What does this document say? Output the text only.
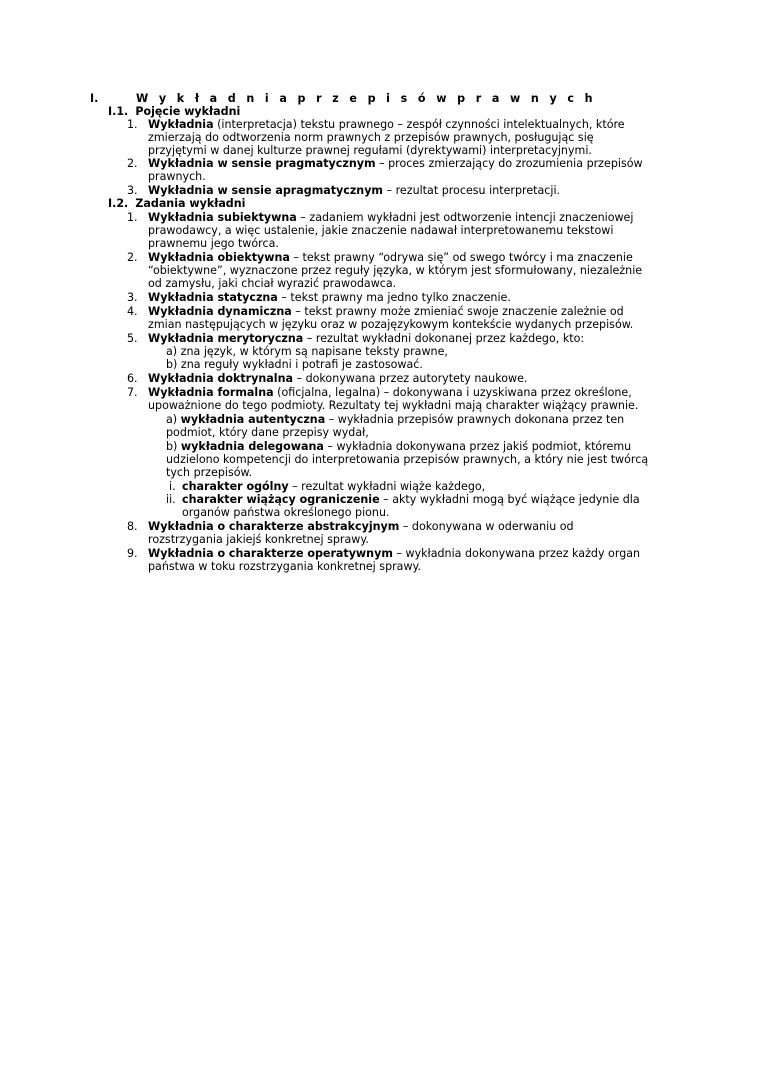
I.	W y k ł a d n i a p r z e p i s ó w p r a w n y c h
I.1. Pojęcie wykładni
1. Wykładnia (interpretacja) tekstu prawnego – zespół czynności intelektualnych, które
zmierzają do odtworzenia norm prawnych z przepisów prawnych, posługując się
przyjętymi w danej kulturze prawnej regułami (dyrektywami) interpretacyjnymi.
2. Wykładnia w sensie pragmatycznym – proces zmierzający do zrozumienia przepisów
prawnych.
3. Wykładnia w sensie apragmatycznym – rezultat procesu interpretacji.
I.2. Zadania wykładni
1. Wykładnia subiektywna – zadaniem wykładni jest odtworzenie intencji znaczeniowej
prawodawcy, a więc ustalenie, jakie znaczenie nadawał interpretowanemu tekstowi
prawnemu jego twórca.
2. Wykładnia obiektywna – tekst prawny “odrywa się” od swego twórcy i ma znaczenie
“obiektywne”, wyznaczone przez reguły języka, w którym jest sformułowany, niezależnie
od zamysłu, jaki chciał wyrazić prawodawca.
3. Wykładnia statyczna – tekst prawny ma jedno tylko znaczenie.
4. Wykładnia dynamiczna – tekst prawny może zmieniać swoje znaczenie zależnie od
zmian następujących w języku oraz w pozajęzykowym kontekście wydanych przepisów.
5. Wykładnia merytoryczna – rezultat wykładni dokonanej przez każdego, kto:
a) zna język, w którym są napisane teksty prawne,
b) zna reguły wykładni i potrafi je zastosować.
6. Wykładnia doktrynalna – dokonywana przez autorytety naukowe.
7. Wykładnia formalna (oficjalna, legalna) – dokonywana i uzyskiwana przez określone,
upoważnione do tego podmioty. Rezultaty tej wykładni mają charakter wiążący prawnie.
a) wykładnia autentyczna – wykładnia przepisów prawnych dokonana przez ten
podmiot, który dane przepisy wydał,
b) wykładnia delegowana – wykładnia dokonywana przez jakiś podmiot, któremu
udzielono kompetencji do interpretowania przepisów prawnych, a który nie jest twórcą
tych przepisów.
i. charakter ogólny – rezultat wykładni wiąże każdego,
ii. charakter wiążący ograniczenie – akty wykładni mogą być wiążące jedynie dla
organów państwa określonego pionu.
8. Wykładnia o charakterze abstrakcyjnym – dokonywana w oderwaniu od
rozstrzygania jakiejś konkretnej sprawy.
9. Wykładnia o charakterze operatywnym – wykładnia dokonywana przez każdy organ
państwa w toku rozstrzygania konkretnej sprawy.
